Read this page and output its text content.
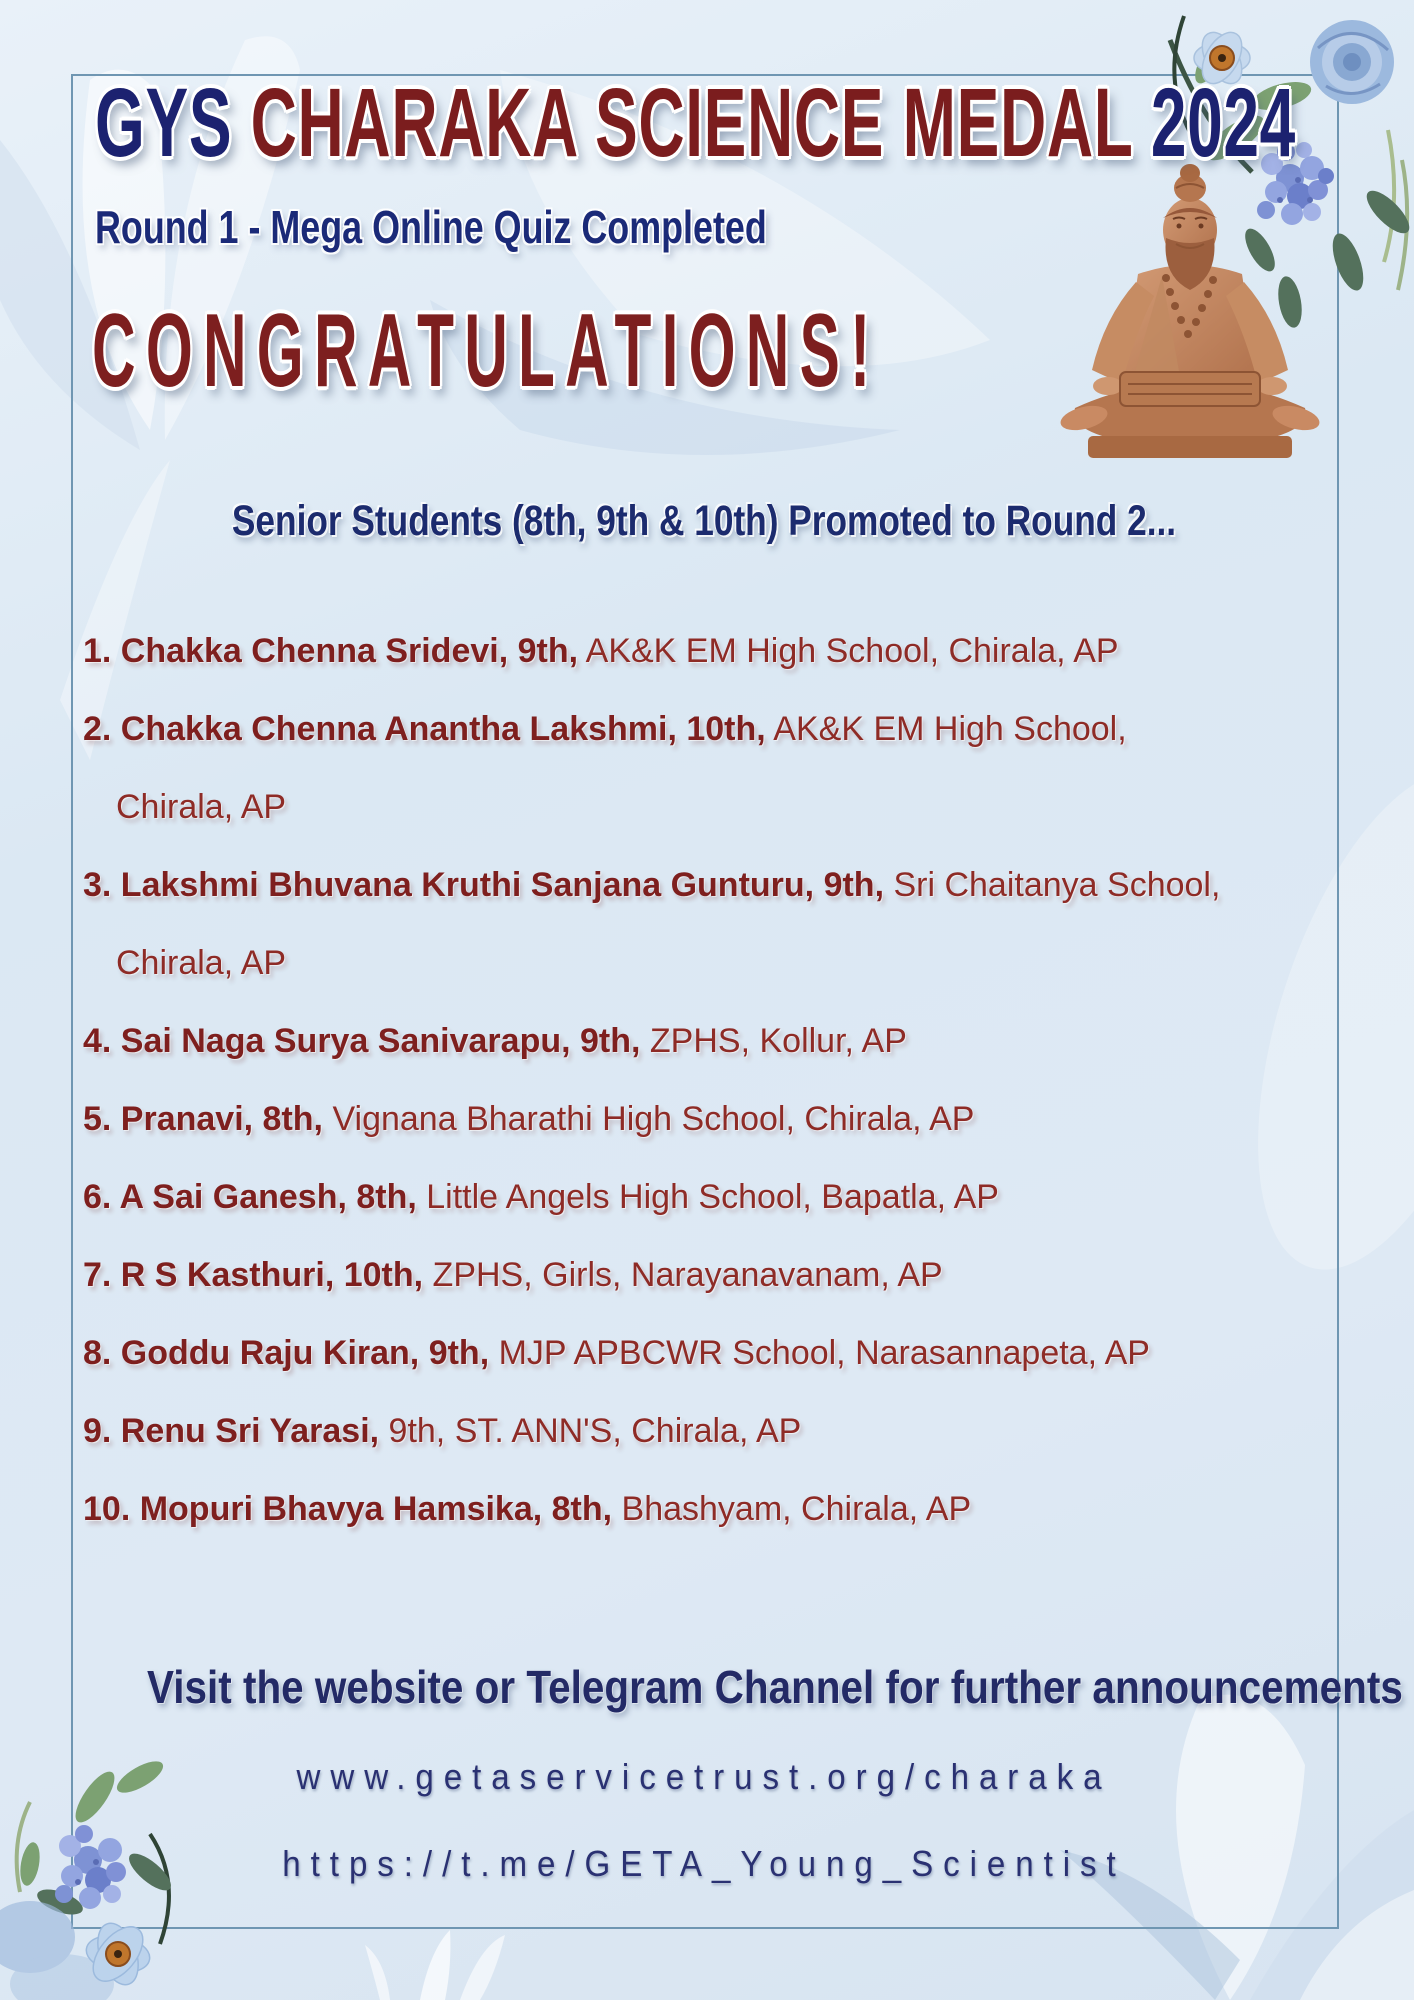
GYS CHARAKA SCIENCE MEDAL 2024
Round 1 - Mega Online Quiz Completed
CONGRATULATIONS!
Senior Students (8th, 9th & 10th) Promoted to Round 2...
1. Chakka Chenna Sridevi, 9th, AK&K EM High School, Chirala, AP
2. Chakka Chenna Anantha Lakshmi, 10th, AK&K EM High School, Chirala, AP
3. Lakshmi Bhuvana Kruthi Sanjana Gunturu, 9th, Sri Chaitanya School, Chirala, AP
4. Sai Naga Surya Sanivarapu, 9th, ZPHS, Kollur, AP
5. Pranavi, 8th, Vignana Bharathi High School, Chirala, AP
6. A Sai Ganesh, 8th, Little Angels High School, Bapatla, AP
7. R S Kasthuri, 10th, ZPHS, Girls, Narayanavanam, AP
8. Goddu Raju Kiran, 9th, MJP APBCWR School, Narasannapeta, AP
9. Renu Sri Yarasi, 9th, ST. ANN'S, Chirala, AP
10. Mopuri Bhavya Hamsika, 8th, Bhashyam, Chirala, AP
Visit the website or Telegram Channel for further announcements
www.getaservicetrust.org/charaka
https://t.me/GETA_Young_Scientist
